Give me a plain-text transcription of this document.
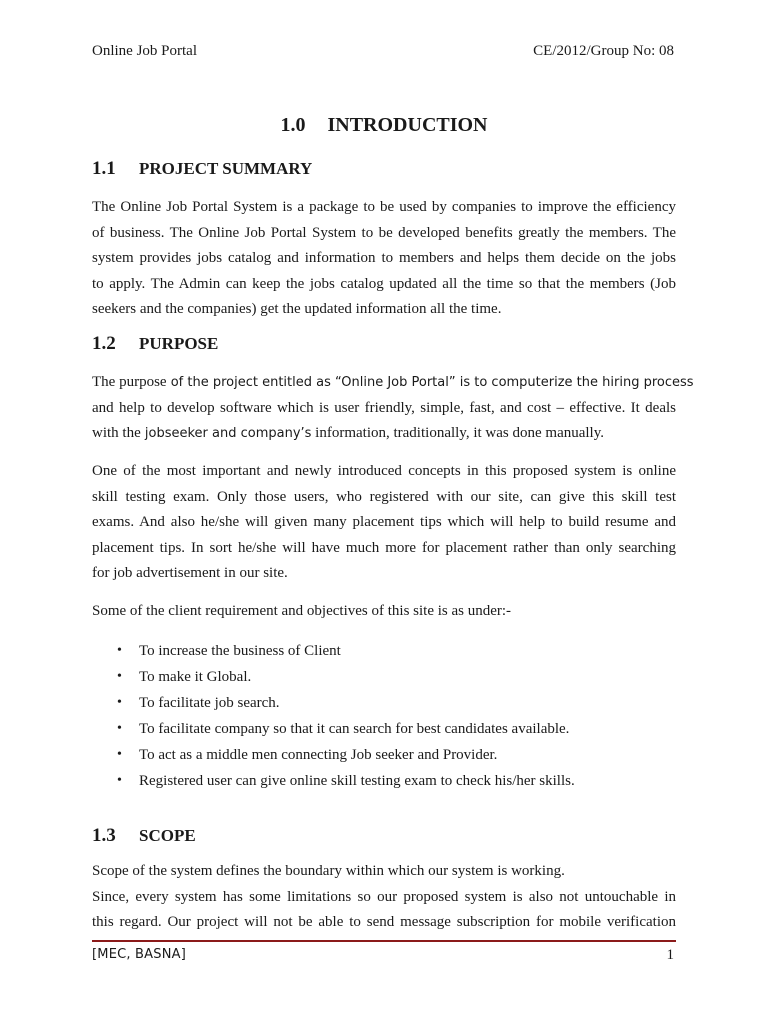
Online Job Portal	CE/2012/Group No: 08
1.0 INTRODUCTION
1.1 PROJECT SUMMARY
The Online Job Portal System is a package to be used by companies to improve the efficiency
of business. The Online Job Portal System to be developed benefits greatly the members. The
system provides jobs catalog and information to members and helps them decide on the jobs
to apply. The Admin can keep the jobs catalog updated all the time so that the members (Job
seekers and the companies) get the updated information all the time.
1.2 PURPOSE
The purpose of the project entitled as “Online Job Portal” is to computerize the hiring process
and help to develop software which is user friendly, simple, fast, and cost – effective. It deals
with the jobseeker and company’s information, traditionally, it was done manually.
One of the most important and newly introduced concepts in this proposed system is online
skill testing exam. Only those users, who registered with our site, can give this skill test
exams. And also he/she will given many placement tips which will help to build resume and
placement tips. In sort he/she will have much more for placement rather than only searching
for job advertisement in our site.
Some of the client requirement and objectives of this site is as under:-
• To increase the business of Client
• To make it Global.
• To facilitate job search.
• To facilitate company so that it can search for best candidates available.
• To act as a middle men connecting Job seeker and Provider.
• Registered user can give online skill testing exam to check his/her skills.
1.3 SCOPE
Scope of the system defines the boundary within which our system is working.
Since, every system has some limitations so our proposed system is also not untouchable in
this regard. Our project will not be able to send message subscription for mobile verification
[MEC, BASNA]	1
